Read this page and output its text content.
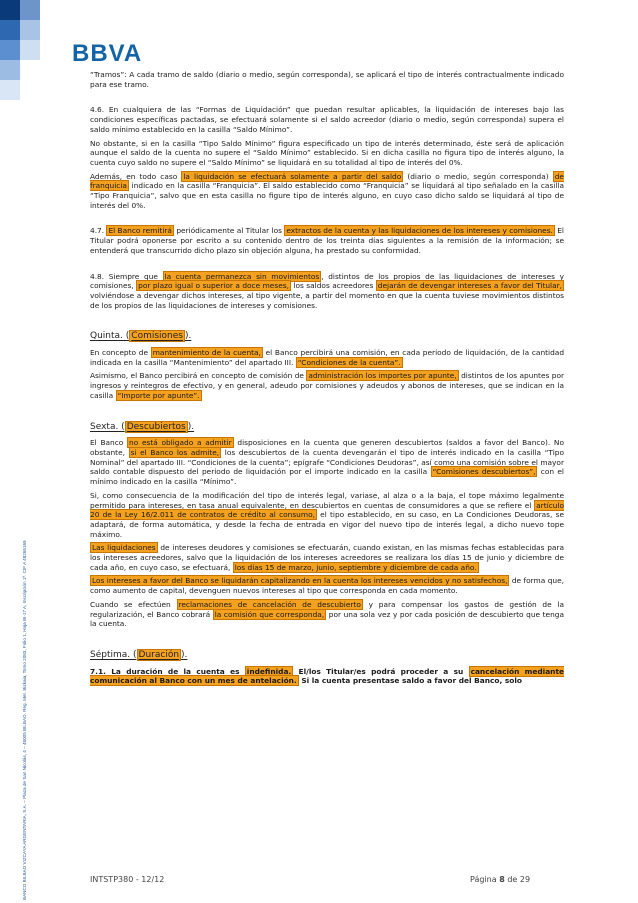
BBVA
BANCO BILBAO VIZCAYA ARGENTARIA, S.A. – Plaza de San Nicolás, 4 – 48005 BILBAO. Reg. Mer. Bizkaia, Tomo 2083, Folio 1, Hoja BI-17 A, Inscripción 1ª. CIF A 48265169

“Tramos”: A cada tramo de saldo (diario o medio, según corresponda), se aplicará el tipo de interés contractualmente indicado para ese tramo.

4.6. En cualquiera de las “Formas de Liquidación” que puedan resultar aplicables, la liquidación de intereses bajo las condiciones específicas pactadas, se efectuará solamente si el saldo acreedor (diario o medio, según corresponda) supera el saldo mínimo establecido en la casilla “Saldo Mínimo”.

No obstante, si en la casilla “Tipo Saldo Mínimo” figura especificado un tipo de interés determinado, éste será de aplicación aunque el saldo de la cuenta no supere el “Saldo Mínimo” establecido. Si en dicha casilla no figura tipo de interés alguno, la cuenta cuyo saldo no supere el “Saldo Mínimo” se liquidará en su totalidad al tipo de interés del 0%.

Además, en todo caso la liquidación se efectuará solamente a partir del saldo (diario o medio, según corresponda) de franquicia indicado en la casilla “Franquicia”. El saldo establecido como “Franquicia” se liquidará al tipo señalado en la casilla “Tipo Franquicia”, salvo que en esta casilla no figure tipo de interés alguno, en cuyo caso dicho saldo se liquidará al tipo de interés del 0%.

4.7. El Banco remitirá periódicamente al Titular los extractos de la cuenta y las liquidaciones de los intereses y comisiones. El Titular podrá oponerse por escrito a su contenido dentro de los treinta días siguientes a la remisión de la información; se entenderá que transcurrido dicho plazo sin objeción alguna, ha prestado su conformidad.

4.8. Siempre que la cuenta permanezca sin movimientos , distintos de los propios de las liquidaciones de intereses y comisiones, por plazo igual o superior a doce meses, los saldos acreedores dejarán de devengar intereses a favor del Titular, volviéndose a devengar dichos intereses, al tipo vigente, a partir del momento en que la cuenta tuviese movimientos distintos de los propios de las liquidaciones de intereses y comisiones.

Quinta. ( Comisiones ).

En concepto de mantenimiento de la cuenta, el Banco percibirá una comisión, en cada período de liquidación, de la cantidad indicada en la casilla “Mantenimiento” del apartado III. “Condiciones de la cuenta”.

Asimismo, el Banco percibirá en concepto de comisión de administración los importes por apunte, distintos de los apuntes por ingresos y reintegros de efectivo, y en general, adeudo por comisiones y adeudos y abonos de intereses, que se indican en la casilla “Importe por apunte”.

Sexta. ( Descubiertos ).

El Banco no está obligado a admitir disposiciones en la cuenta que generen descubiertos (saldos a favor del Banco). No obstante, si el Banco los admite, los descubiertos de la cuenta devengarán el tipo de interés indicado en la casilla “Tipo Nominal” del apartado III. “Condiciones de la cuenta”; epígrafe “Condiciones Deudoras”, así como una comisión sobre el mayor saldo contable dispuesto del periodo de liquidación por el importe indicado en la casilla “Comisiones descubiertos”, con el mínimo indicado en la casilla “Mínimo”.

Si, como consecuencia de la modificación del tipo de interés legal, variase, al alza o a la baja, el tope máximo legalmente permitido para intereses, en tasa anual equivalente, en descubiertos en cuentas de consumidores a que se refiere el artículo 20 de la Ley 16/2.011 de contratos de crédito al consumo, el tipo establecido, en su caso, en La Condiciones Deudoras, se adaptará, de forma automática, y desde la fecha de entrada en vigor del nuevo tipo de interés legal, a dicho nuevo tope máximo.

Las liquidaciones de intereses deudores y comisiones se efectuarán, cuando existan, en las mismas fechas establecidas para los intereses acreedores, salvo que la liquidación de los intereses acreedores se realizara los días 15 de junio y diciembre de cada año, en cuyo caso, se efectuará, los días 15 de marzo, junio, septiembre y diciembre de cada año.

Los intereses a favor del Banco se liquidarán capitalizando en la cuenta los intereses vencidos y no satisfechos, de forma que, como aumento de capital, devenguen nuevos intereses al tipo que corresponda en cada momento.

Cuando se efectúen reclamaciones de cancelación de descubierto y para compensar los gastos de gestión de la regularización, el Banco cobrará la comisión que corresponda, por una sola vez y por cada posición de descubierto que tenga la cuenta.

Séptima. ( Duración ).

7.1. La duración de la cuenta es indefinida. El/los Titular/es podrá proceder a su cancelación mediante comunicación al Banco con un mes de antelación. Si la cuenta presentase saldo a favor del Banco, solo

INTSTP380 - 12/12	Página 8 de 29
